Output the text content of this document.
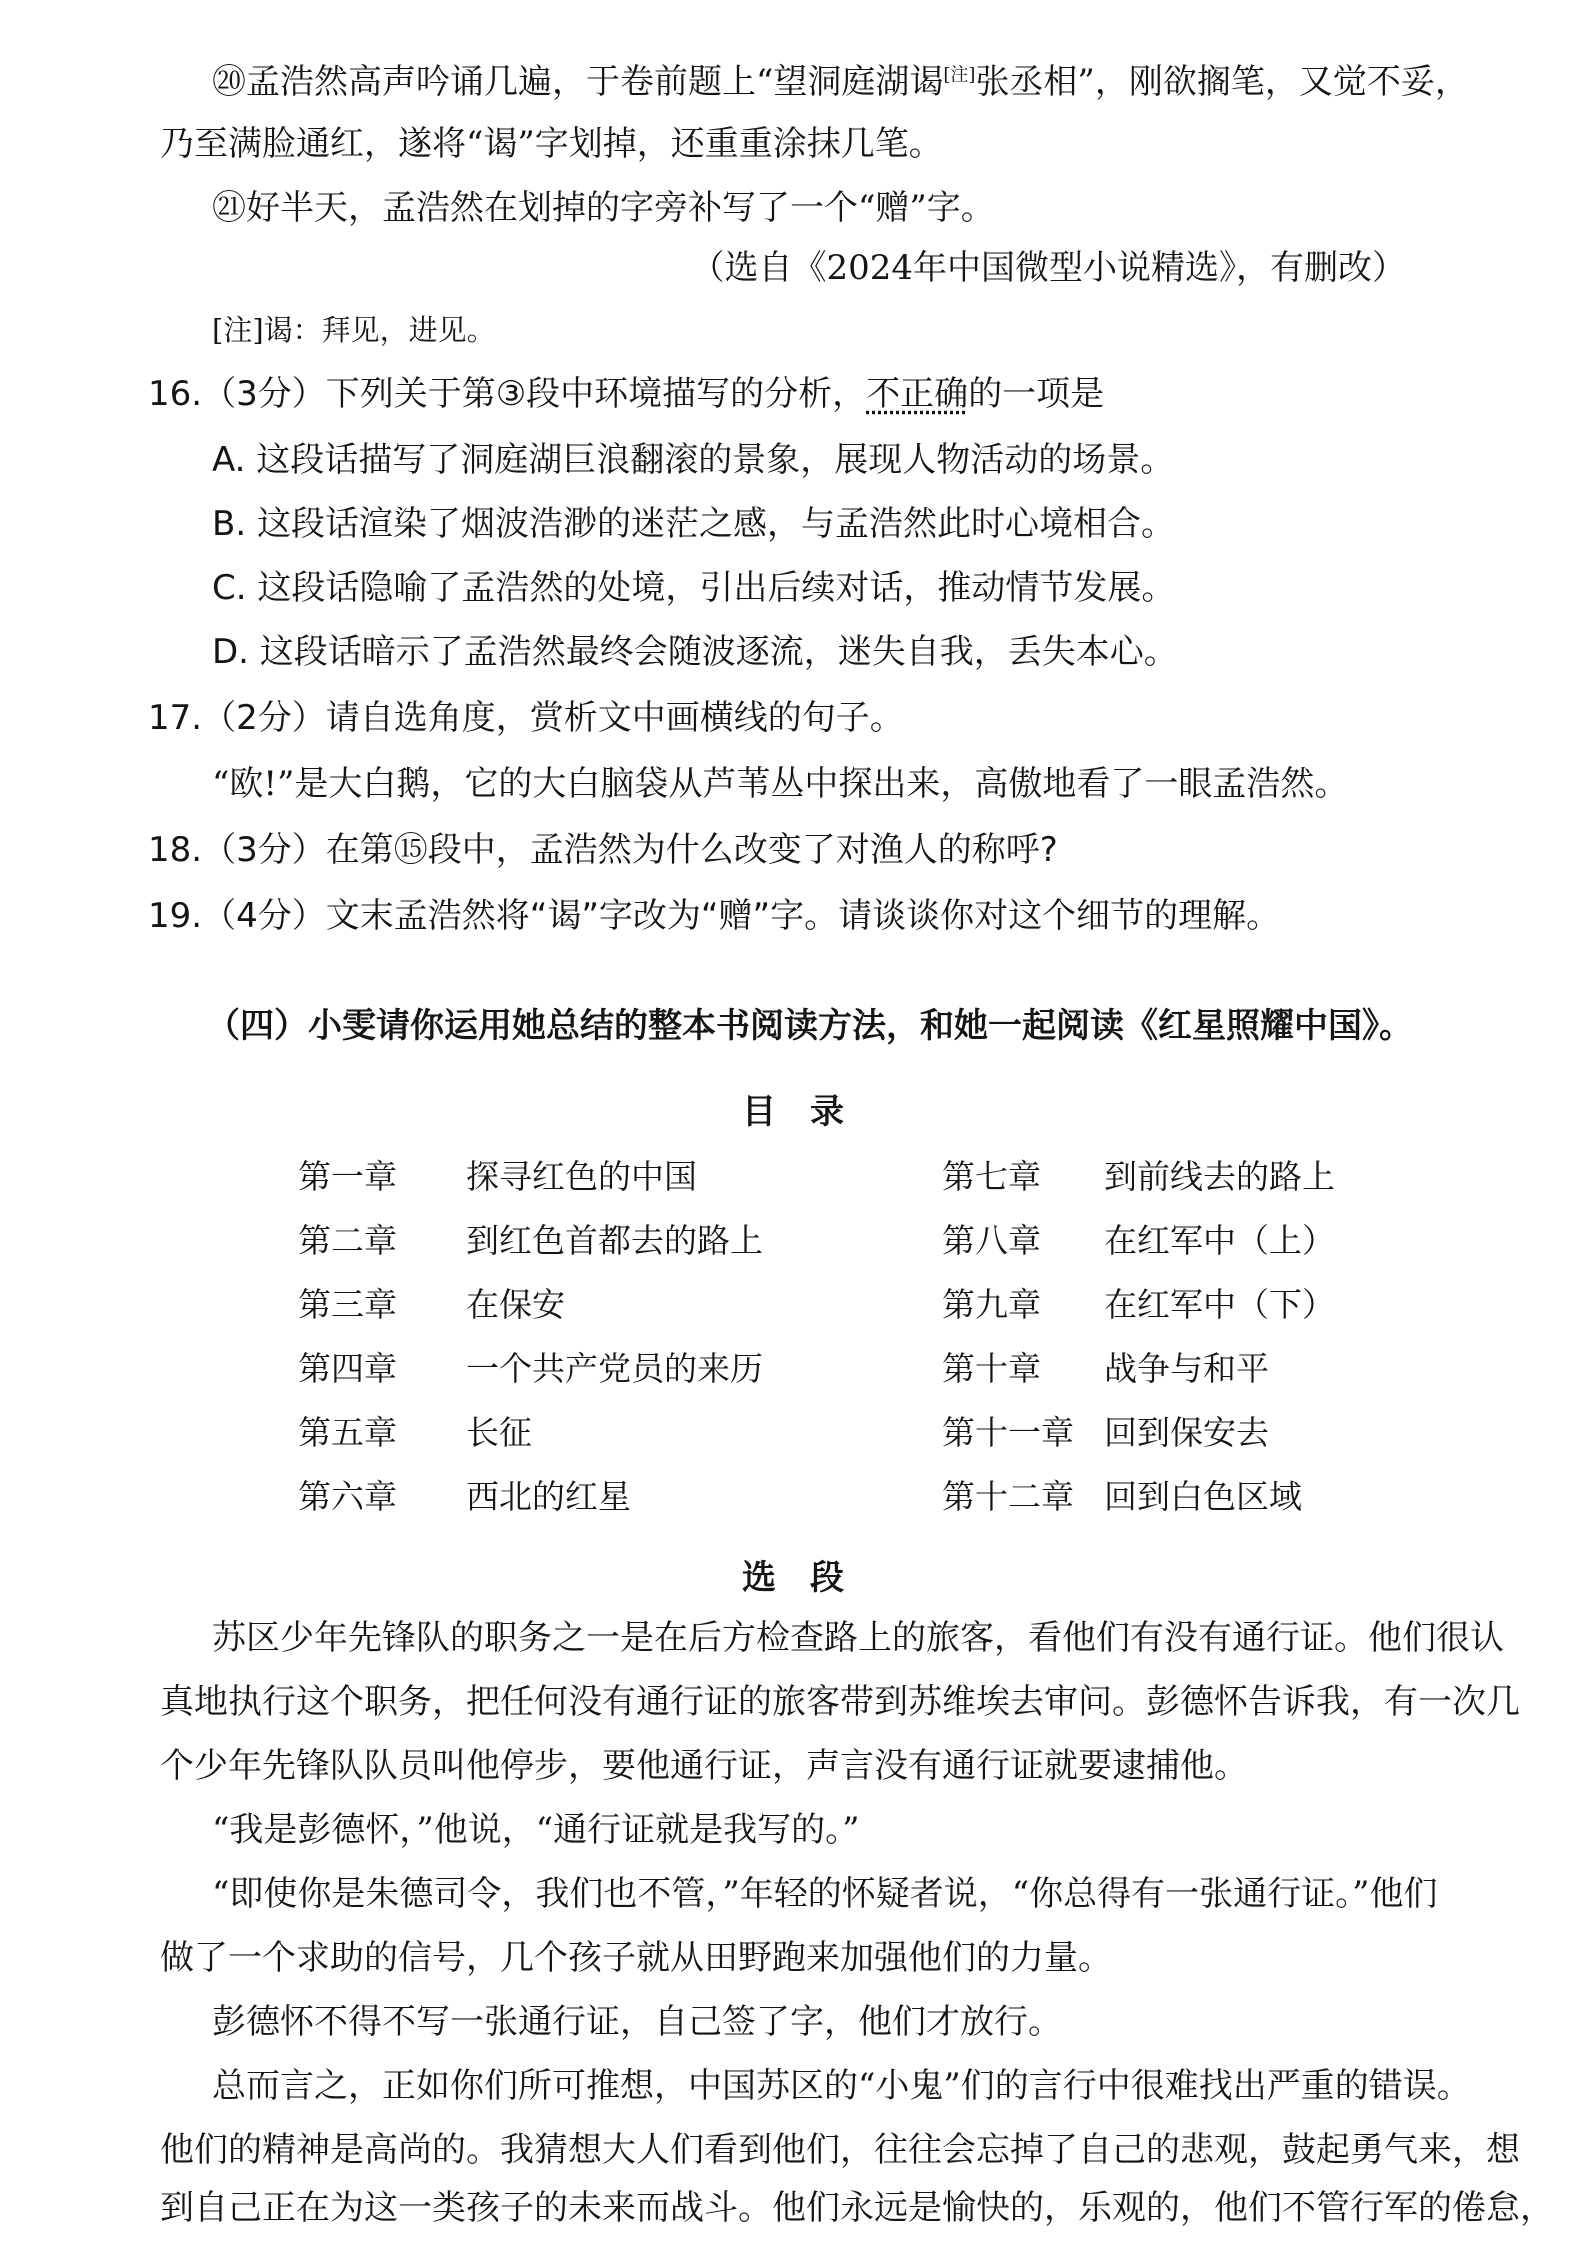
⑳孟浩然高声吟诵几遍，于卷前题上“望洞庭湖谒[注]张丞相”，刚欲搁笔，又觉不妥，
乃至满脸通红，遂将“谒”字划掉，还重重涂抹几笔。
㉑好半天，孟浩然在划掉的字旁补写了一个“赠”字。
（选自《2024年中国微型小说精选》，有删改）
[注]谒：拜见，进见。
16.（3分）下列关于第③段中环境描写的分析，不正确的一项是
A. 这段话描写了洞庭湖巨浪翻滚的景象，展现人物活动的场景。
B. 这段话渲染了烟波浩渺的迷茫之感，与孟浩然此时心境相合。
C. 这段话隐喻了孟浩然的处境，引出后续对话，推动情节发展。
D. 这段话暗示了孟浩然最终会随波逐流，迷失自我，丢失本心。
17.（2分）请自选角度，赏析文中画横线的句子。
“欧!”是大白鹅，它的大白脑袋从芦苇丛中探出来，高傲地看了一眼孟浩然。
18.（3分）在第⑮段中，孟浩然为什么改变了对渔人的称呼?
19.（4分）文末孟浩然将“谒”字改为“赠”字。请谈谈你对这个细节的理解。
（四）小雯请你运用她总结的整本书阅读方法，和她一起阅读《红星照耀中国》。
目　录
第一章 探寻红色的中国
第二章 到红色首都去的路上
第三章 在保安
第四章 一个共产党员的来历
第五章 长征
第六章 西北的红星
第七章 到前线去的路上
第八章 在红军中（上）
第九章 在红军中（下）
第十章 战争与和平
第十一章 回到保安去
第十二章 回到白色区域
选　段
苏区少年先锋队的职务之一是在后方检查路上的旅客，看他们有没有通行证。他们很认
真地执行这个职务，把任何没有通行证的旅客带到苏维埃去审问。彭德怀告诉我，有一次几
个少年先锋队队员叫他停步，要他通行证，声言没有通行证就要逮捕他。
“我是彭德怀，”他说，“通行证就是我写的。”
“即使你是朱德司令，我们也不管，”年轻的怀疑者说，“你总得有一张通行证。”他们
做了一个求助的信号，几个孩子就从田野跑来加强他们的力量。
彭德怀不得不写一张通行证，自己签了字，他们才放行。
总而言之，正如你们所可推想，中国苏区的“小鬼”们的言行中很难找出严重的错误。
他们的精神是高尚的。我猜想大人们看到他们，往往会忘掉了自己的悲观，鼓起勇气来，想
到自己正在为这一类孩子的未来而战斗。他们永远是愉快的，乐观的，他们不管行军的倦怠，
